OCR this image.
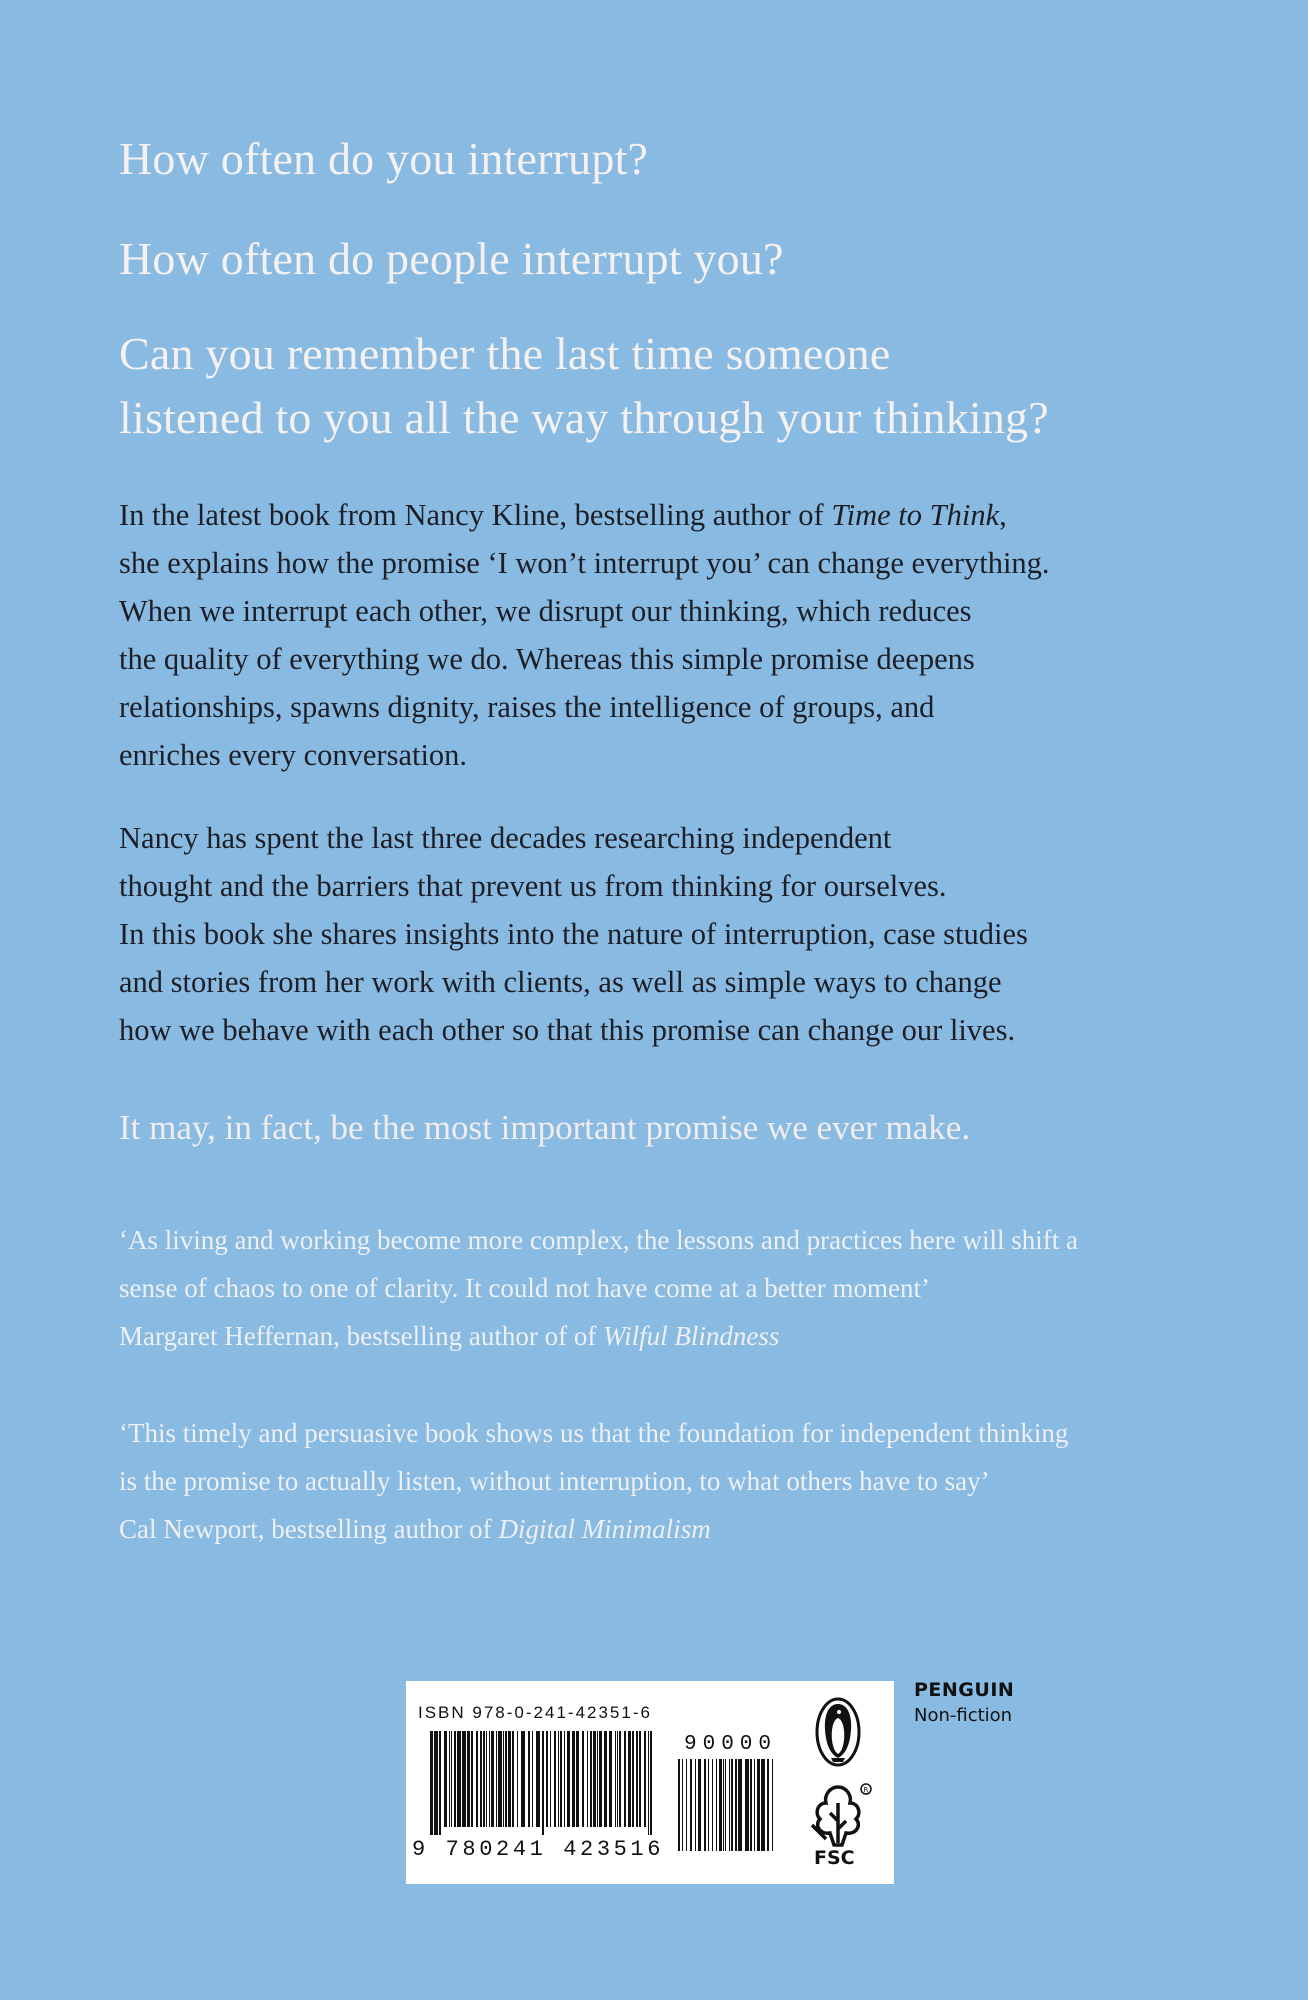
How often do you interrupt?

How often do people interrupt you?

Can you remember the last time someone

listened to you all the way through your thinking?

In the latest book from Nancy Kline, bestselling author of Time to Think,
she explains how the promise ‘I won’t interrupt you’ can change everything.
When we interrupt each other, we disrupt our thinking, which reduces
the quality of everything we do. Whereas this simple promise deepens
relationships, spawns dignity, raises the intelligence of groups, and
enriches every conversation.

Nancy has spent the last three decades researching independent
thought and the barriers that prevent us from thinking for ourselves.
In this book she shares insights into the nature of interruption, case studies
and stories from her work with clients, as well as simple ways to change
how we behave with each other so that this promise can change our lives.

It may, in fact, be the most important promise we ever make.

‘As living and working become more complex, the lessons and practices here will shift a
sense of chaos to one of clarity. It could not have come at a better moment’
Margaret Heffernan, bestselling author of of Wilful Blindness

‘This timely and persuasive book shows us that the foundation for independent thinking
is the promise to actually listen, without interruption, to what others have to say’
Cal Newport, bestselling author of Digital Minimalism

ISBN 978-0-241-42351-6
90000
9 780241 423516
R
FSC
PENGUIN
Non-fiction
